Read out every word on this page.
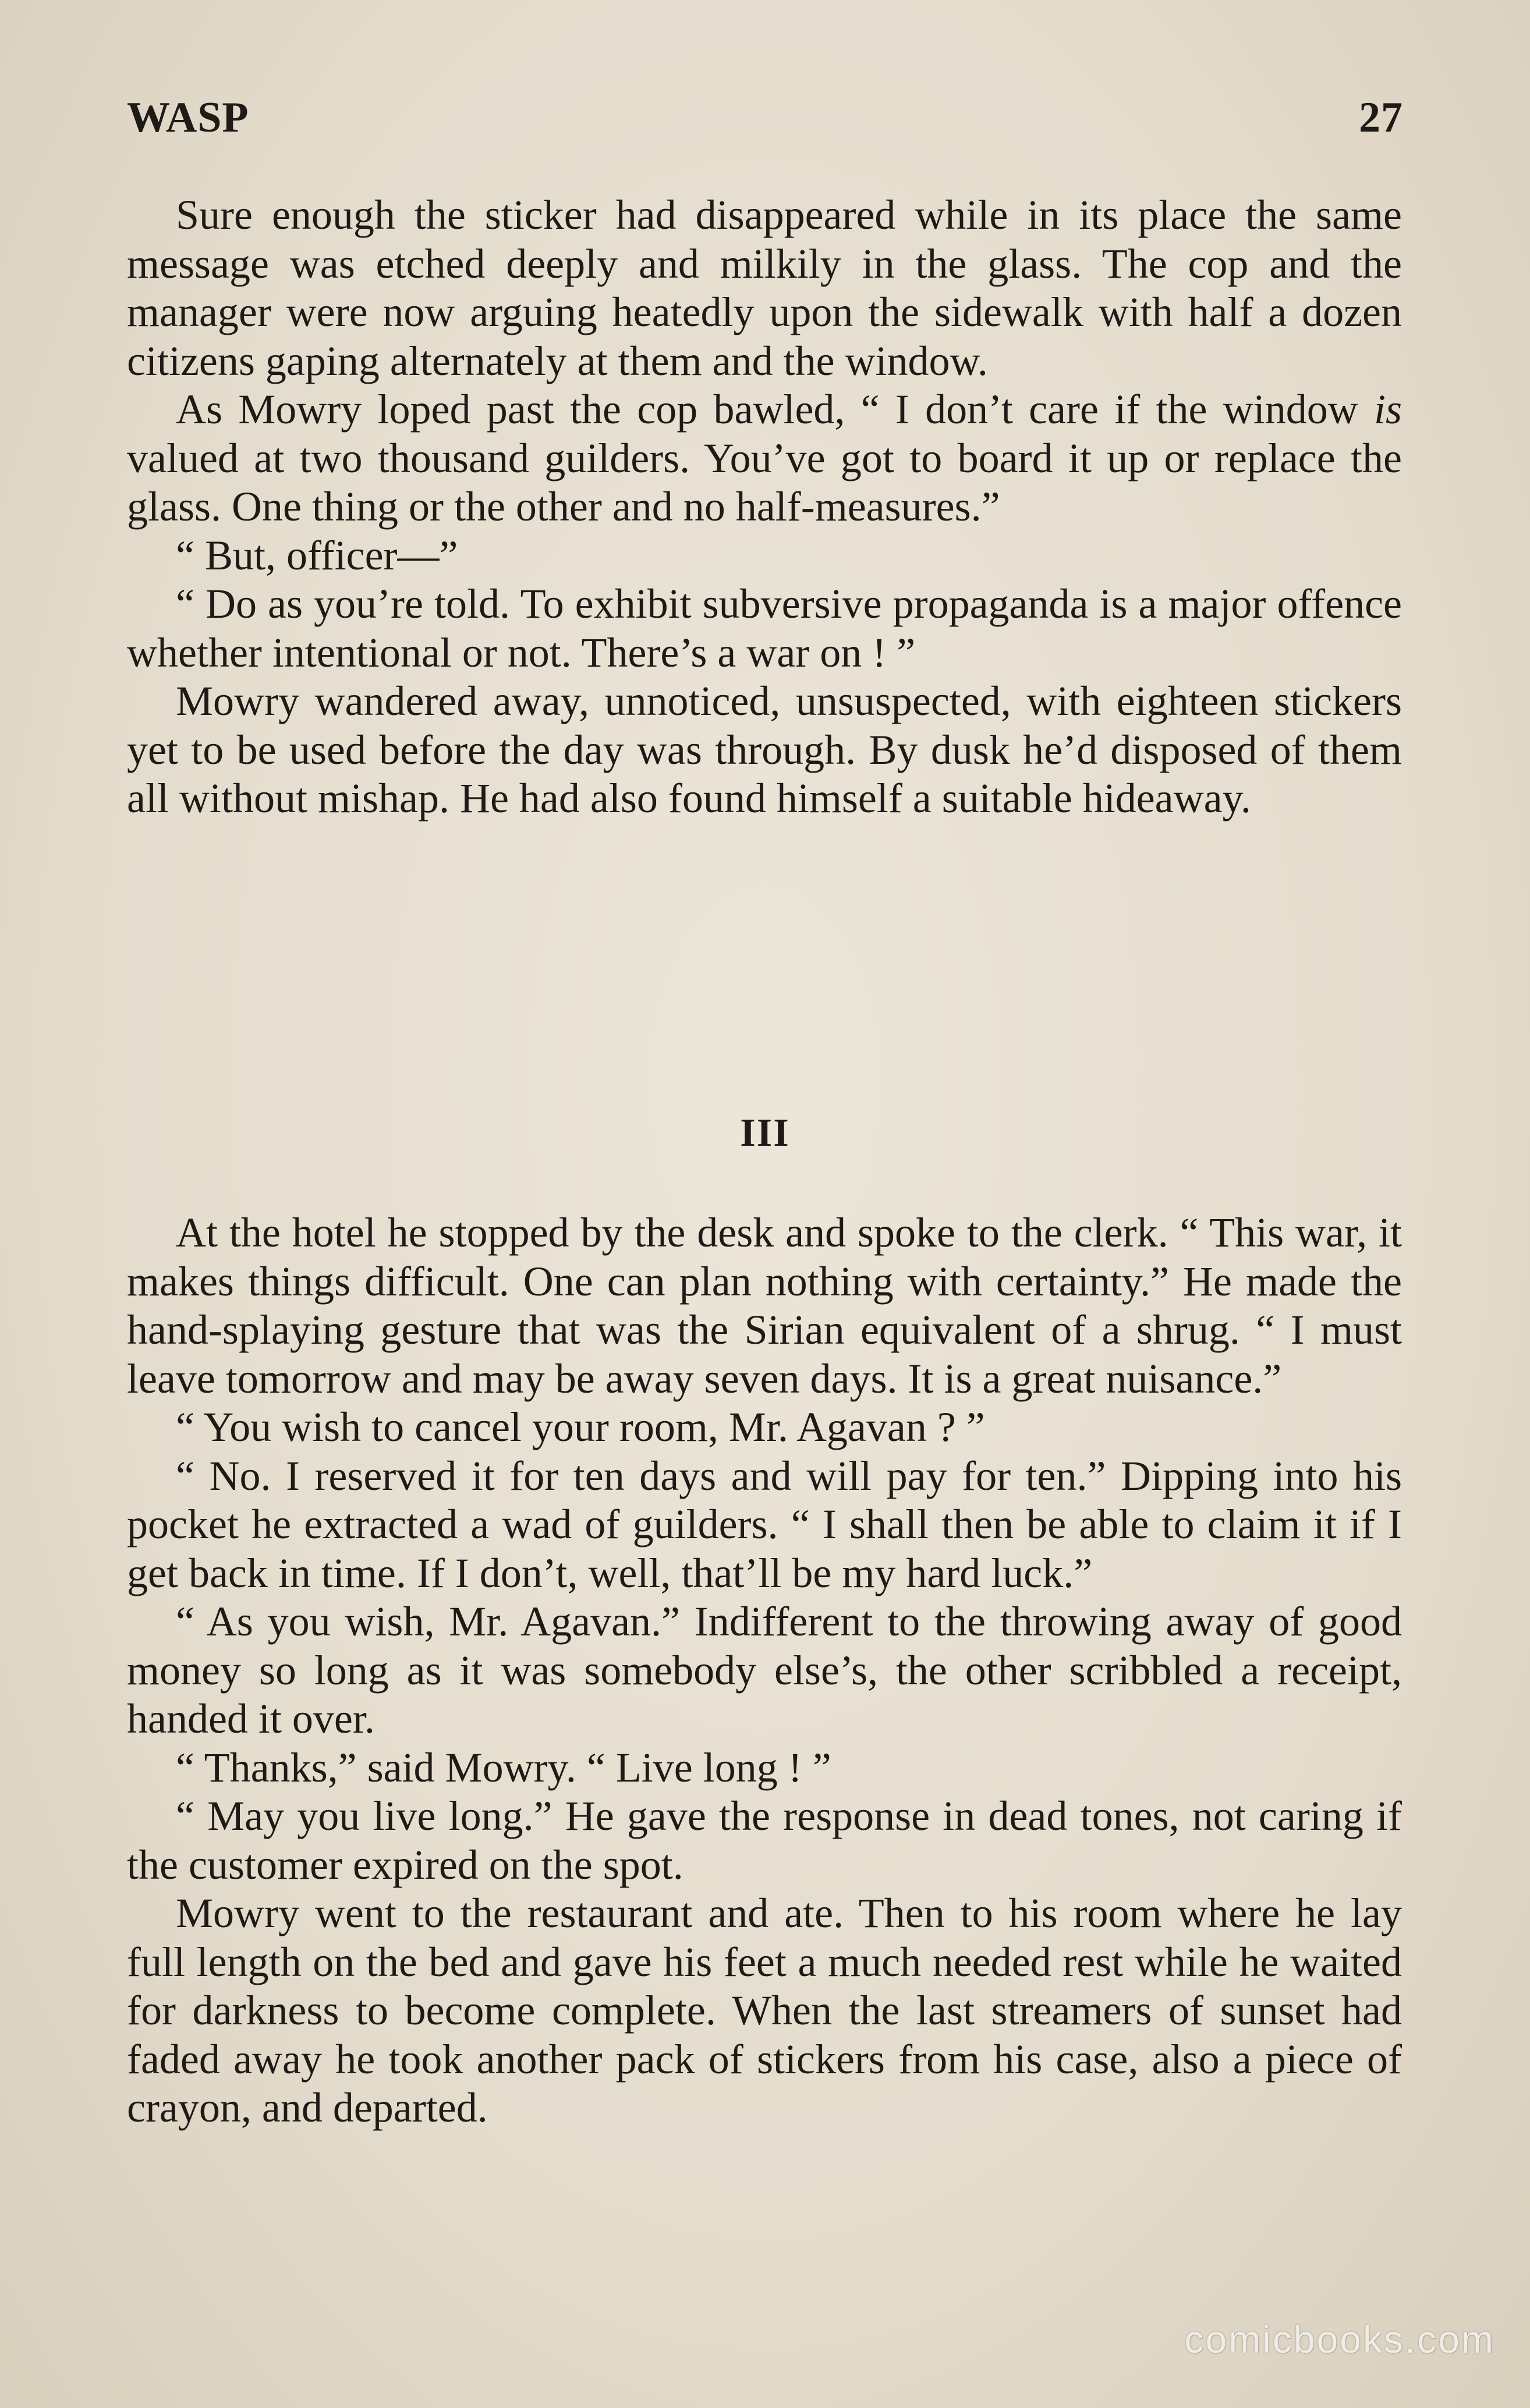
WASP	27

Sure enough the sticker had disappeared while in its place the same message was etched deeply and milkily in the glass. The cop and the manager were now arguing heatedly upon the sidewalk with half a dozen citizens gaping alternately at them and the window.

As Mowry loped past the cop bawled, “ I don’t care if the window is valued at two thousand guilders. You’ve got to board it up or replace the glass. One thing or the other and no half-measures.”

“ But, officer—”

“ Do as you’re told. To exhibit subversive propaganda is a major offence whether intentional or not. There’s a war on ! ”

Mowry wandered away, unnoticed, unsuspected, with eighteen stickers yet to be used before the day was through. By dusk he’d disposed of them all without mishap. He had also found himself a suitable hideaway.

III

At the hotel he stopped by the desk and spoke to the clerk. “ This war, it makes things difficult. One can plan nothing with certainty.” He made the hand-splaying gesture that was the Sirian equivalent of a shrug. “ I must leave tomorrow and may be away seven days. It is a great nuisance.”

“ You wish to cancel your room, Mr. Agavan ? ”

“ No. I reserved it for ten days and will pay for ten.” Dipping into his pocket he extracted a wad of guilders. “ I shall then be able to claim it if I get back in time. If I don’t, well, that’ll be my hard luck.”

“ As you wish, Mr. Agavan.” Indifferent to the throwing away of good money so long as it was somebody else’s, the other scribbled a receipt, handed it over.

“ Thanks,” said Mowry. “ Live long ! ”

“ May you live long.” He gave the response in dead tones, not caring if the customer expired on the spot.

Mowry went to the restaurant and ate. Then to his room where he lay full length on the bed and gave his feet a much needed rest while he waited for darkness to become complete. When the last streamers of sunset had faded away he took another pack of stickers from his case, also a piece of crayon, and departed.

comicbooks.com
